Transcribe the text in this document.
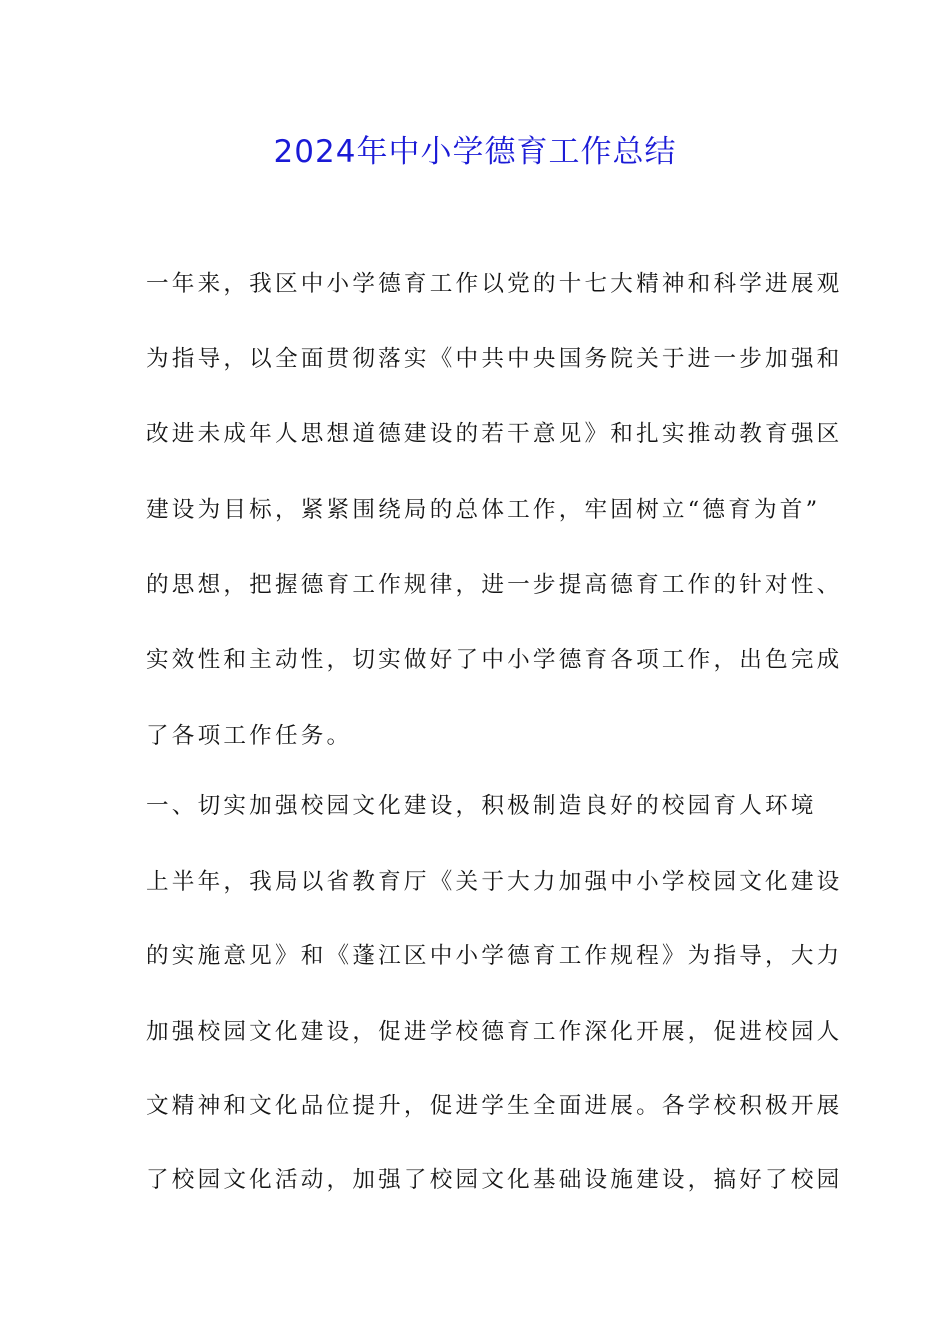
2024年中小学德育工作总结
一年来，我区中小学德育工作以党的十七大精神和科学进展观
为指导，以全面贯彻落实《中共中央国务院关于进一步加强和
改进未成年人思想道德建设的若干意见》和扎实推动教育强区
建设为目标，紧紧围绕局的总体工作，牢固树立“德育为首”
的思想，把握德育工作规律，进一步提高德育工作的针对性、
实效性和主动性，切实做好了中小学德育各项工作，出色完成
了各项工作任务。
一、切实加强校园文化建设，积极制造良好的校园育人环境
上半年，我局以省教育厅《关于大力加强中小学校园文化建设
的实施意见》和《蓬江区中小学德育工作规程》为指导，大力
加强校园文化建设，促进学校德育工作深化开展，促进校园人
文精神和文化品位提升，促进学生全面进展。各学校积极开展
了校园文化活动，加强了校园文化基础设施建设，搞好了校园
